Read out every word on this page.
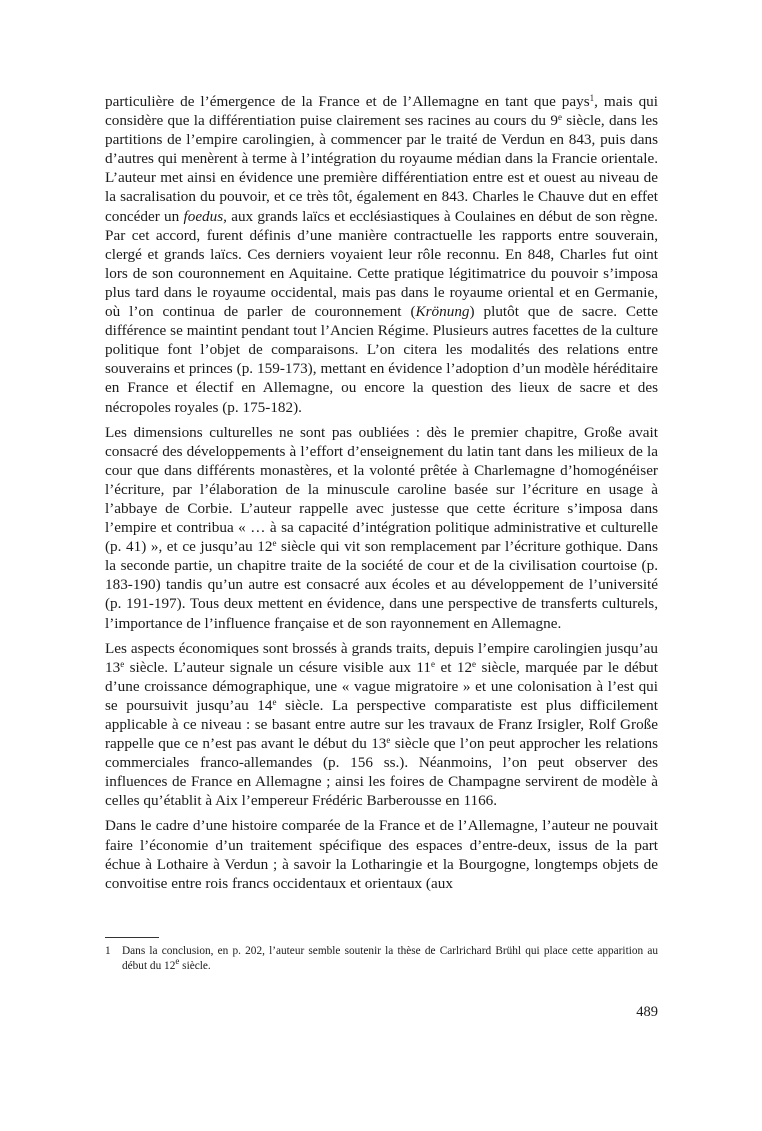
particulière de l’émergence de la France et de l’Allemagne en tant que pays$^1$, mais qui considère que la différentiation puise clairement ses racines au cours du 9e siècle, dans les partitions de l’empire carolingien, à commencer par le traité de Verdun en 843, puis dans d’autres qui menèrent à terme à l’intégration du royaume médian dans la Francie orientale. L’auteur met ainsi en évidence une première différentiation entre est et ouest au niveau de la sacralisation du pouvoir, et ce très tôt, également en 843. Charles le Chauve dut en effet concéder un foedus, aux grands laïcs et ecclésiastiques à Coulaines en début de son règne. Par cet accord, furent définis d’une manière contractuelle les rapports entre souverain, clergé et grands laïcs. Ces derniers voyaient leur rôle reconnu. En 848, Charles fut oint lors de son couronnement en Aquitaine. Cette pratique légitimatrice du pouvoir s’imposa plus tard dans le royaume occidental, mais pas dans le royaume oriental et en Germanie, où l’on continua de parler de couronnement (Krönung) plutôt que de sacre. Cette différence se maintint pendant tout l’Ancien Régime. Plusieurs autres facettes de la culture politique font l’objet de comparaisons. L’on citera les modalités des relations entre souverains et princes (p. 159-173), mettant en évidence l’adoption d’un modèle héréditaire en France et électif en Allemagne, ou encore la question des lieux de sacre et des nécropoles royales (p. 175-182).

Les dimensions culturelles ne sont pas oubliées : dès le premier chapitre, Große avait consacré des développements à l’effort d’enseignement du latin tant dans les milieux de la cour que dans différents monastères, et la volonté prêtée à Charlemagne d’homogénéiser l’écriture, par l’élaboration de la minuscule caroline basée sur l’écriture en usage à l’abbaye de Corbie. L’auteur rappelle avec justesse que cette écriture s’imposa dans l’empire et contribua « … à sa capacité d’intégration politique administrative et culturelle (p. 41) », et ce jusqu’au 12e siècle qui vit son remplacement par l’écriture gothique. Dans la seconde partie, un chapitre traite de la société de cour et de la civilisation courtoise (p. 183-190) tandis qu’un autre est consacré aux écoles et au développement de l’université (p. 191-197). Tous deux mettent en évidence, dans une perspective de transferts culturels, l’importance de l’influence française et de son rayonnement en Allemagne.

Les aspects économiques sont brossés à grands traits, depuis l’empire carolingien jusqu’au 13e siècle. L’auteur signale un césure visible aux 11e et 12e siècle, marquée par le début d’une croissance démographique, une « vague migratoire » et une colonisation à l’est qui se poursuivit jusqu’au 14e siècle. La perspective comparatiste est plus difficilement applicable à ce niveau : se basant entre autre sur les travaux de Franz Irsigler, Rolf Große rappelle que ce n’est pas avant le début du 13e siècle que l’on peut approcher les relations commerciales franco-allemandes (p. 156 ss.). Néanmoins, l’on peut observer des influences de France en Allemagne ; ainsi les foires de Champagne servirent de modèle à celles qu’établit à Aix l’empereur Frédéric Barberousse en 1166.

Dans le cadre d’une histoire comparée de la France et de l’Allemagne, l’auteur ne pouvait faire l’économie d’un traitement spécifique des espaces d’entre-deux, issus de la part échue à Lothaire à Verdun ; à savoir la Lotharingie et la Bourgogne, longtemps objets de convoitise entre rois francs occidentaux et orientaux (aux

1 Dans la conclusion, en p. 202, l’auteur semble soutenir la thèse de Carlrichard Brühl qui place cette apparition au début du 12e siècle.
489
